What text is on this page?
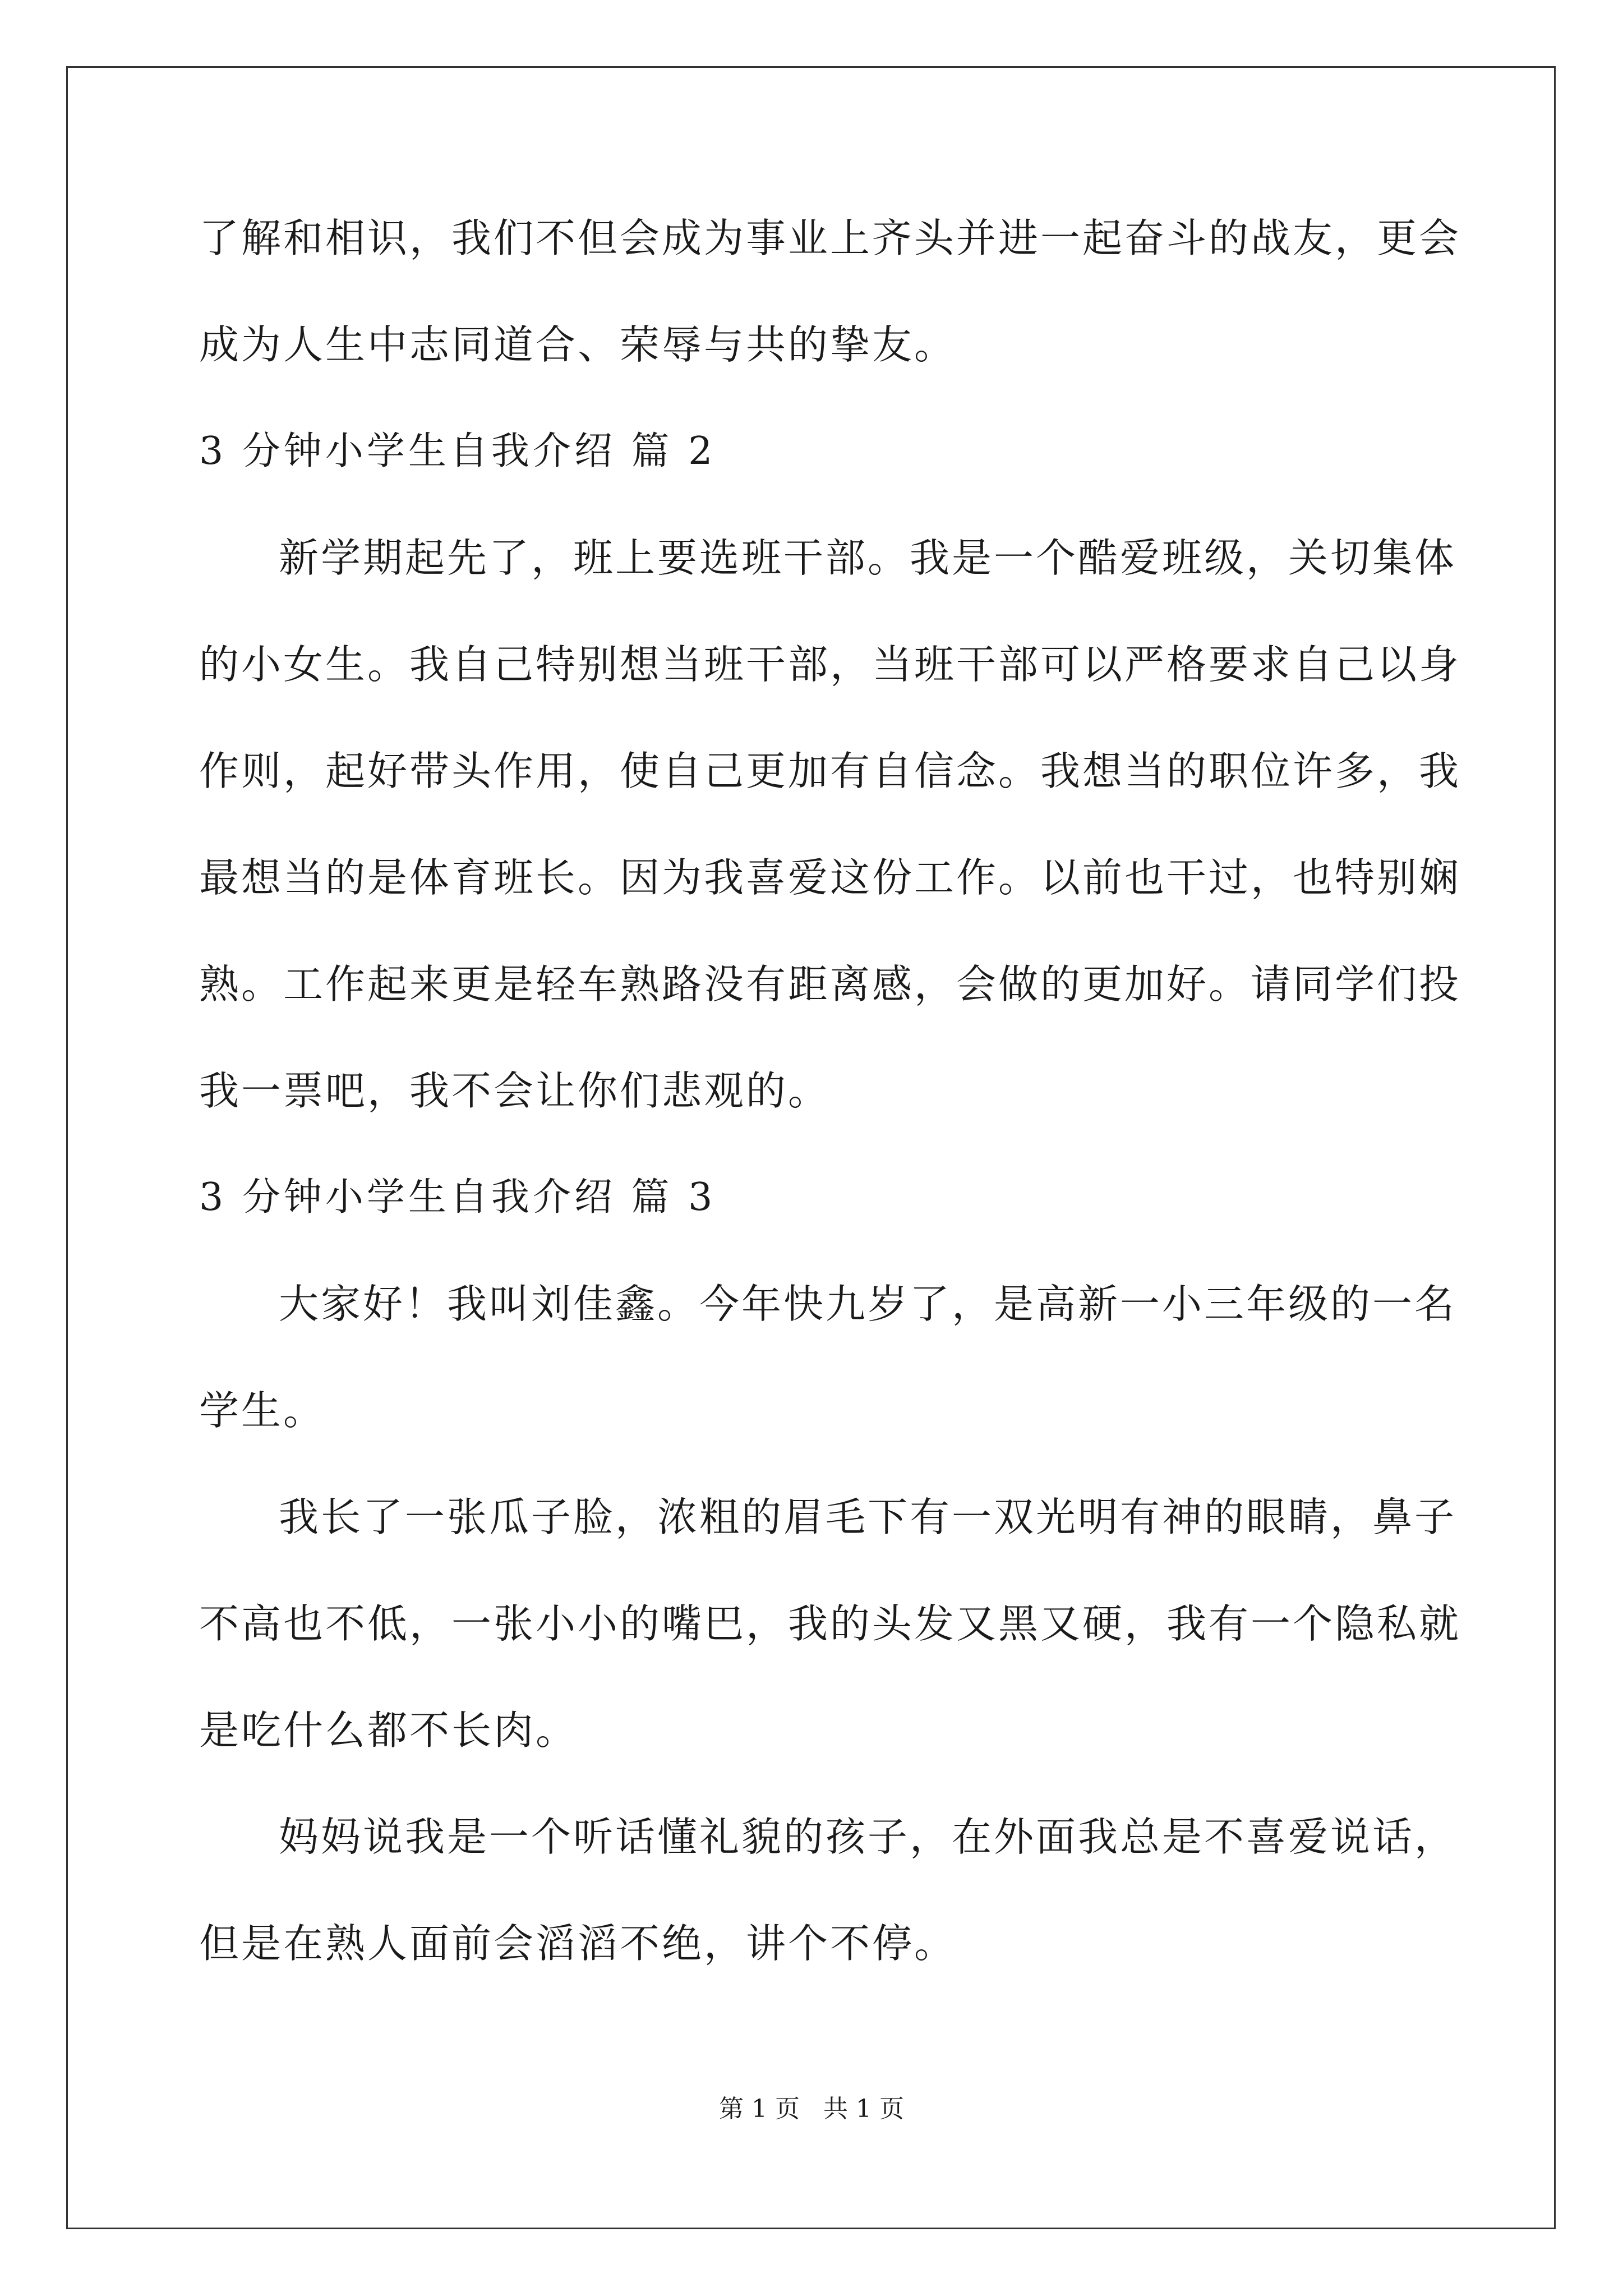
了解和相识，我们不但会成为事业上齐头并进一起奋斗的战友，更会
成为人生中志同道合、荣辱与共的挚友。
3 分钟小学生自我介绍 篇 2
新学期起先了，班上要选班干部。我是一个酷爱班级，关切集体
的小女生。我自己特别想当班干部，当班干部可以严格要求自己以身
作则，起好带头作用，使自己更加有自信念。我想当的职位许多，我
最想当的是体育班长。因为我喜爱这份工作。以前也干过，也特别娴
熟。工作起来更是轻车熟路没有距离感，会做的更加好。请同学们投
我一票吧，我不会让你们悲观的。
3 分钟小学生自我介绍 篇 3
大家好！我叫刘佳鑫。今年快九岁了，是高新一小三年级的一名
学生。
我长了一张瓜子脸，浓粗的眉毛下有一双光明有神的眼睛，鼻子
不高也不低，一张小小的嘴巴，我的头发又黑又硬，我有一个隐私就
是吃什么都不长肉。
妈妈说我是一个听话懂礼貌的孩子，在外面我总是不喜爱说话，
但是在熟人面前会滔滔不绝，讲个不停。
第 1 页   共 1 页
